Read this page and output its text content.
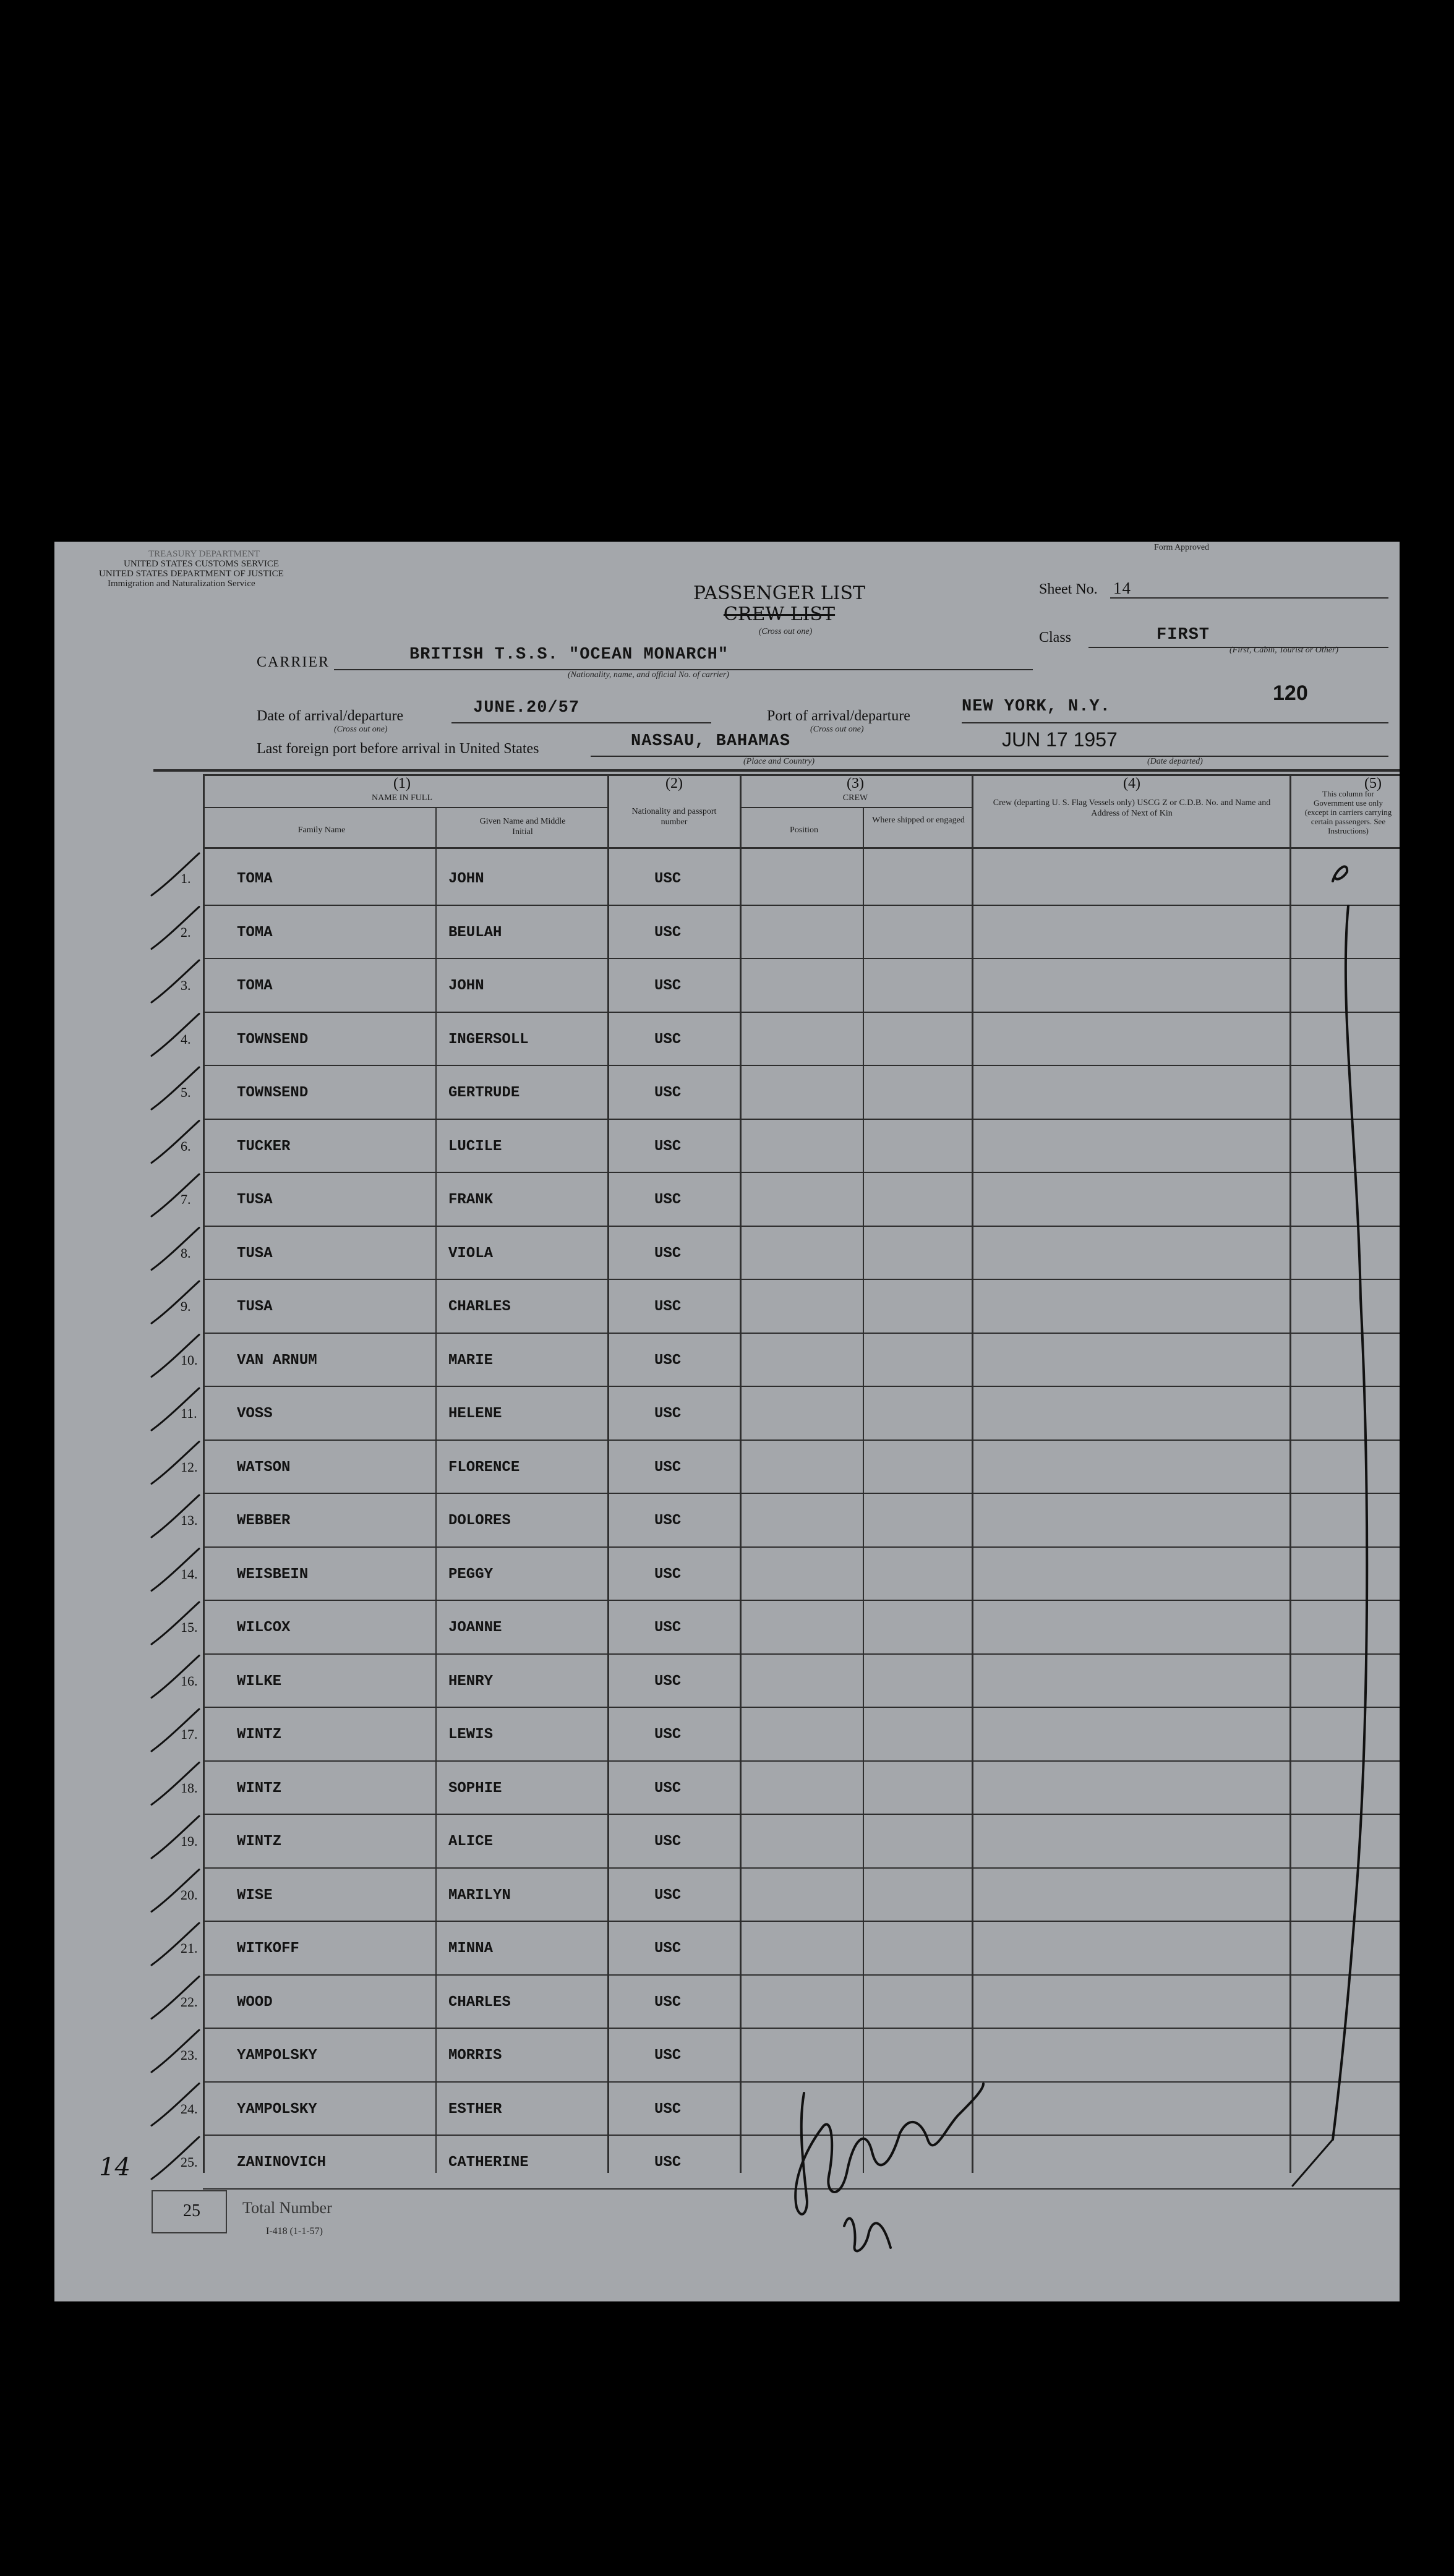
TREASURY DEPARTMENT
UNITED STATES CUSTOMS SERVICE
UNITED STATES DEPARTMENT OF JUSTICE
Immigration and Naturalization Service
Form Approved
PASSENGER LIST
CREW LIST
(Cross out one)
Sheet No. 14
Class	FIRST
(First, Cabin, Tourist or Other)
CARRIER	BRITISH T.S.S. "OCEAN MONARCH"
(Nationality, name, and official No. of carrier)
120
Date of arrival/departure	JUNE.20/57
(Cross out one)
Port of arrival/departure	NEW YORK, N.Y.
(Cross out one)
Last foreign port before arrival in United States	NASSAU, BAHAMAS
(Place and Country)
JUN 17 1957
(Date departed)
(1)
NAME IN FULL
Family Name
Given Name and Middle Initial
(2)
Nationality and passport number
(3)
CREW
Position
Where shipped or engaged
(4)
Crew (departing U. S. Flag Vessels only) USCG Z or C.D.B. No. and Name and Address of Next of Kin
(5)
This column for Government use only (except in carriers carrying certain passengers. See Instructions)
1.	TOMA	JOHN	USC
2.	TOMA	BEULAH	USC
3.	TOMA	JOHN	USC
4.	TOWNSEND	INGERSOLL	USC
5.	TOWNSEND	GERTRUDE	USC
6.	TUCKER	LUCILE	USC
7.	TUSA	FRANK	USC
8.	TUSA	VIOLA	USC
9.	TUSA	CHARLES	USC
10.	VAN ARNUM	MARIE	USC
11.	VOSS	HELENE	USC
12.	WATSON	FLORENCE	USC
13.	WEBBER	DOLORES	USC
14.	WEISBEIN	PEGGY	USC
15.	WILCOX	JOANNE	USC
16.	WILKE	HENRY	USC
17.	WINTZ	LEWIS	USC
18.	WINTZ	SOPHIE	USC
19.	WINTZ	ALICE	USC
20.	WISE	MARILYN	USC
21.	WITKOFF	MINNA	USC
22.	WOOD	CHARLES	USC
23.	YAMPOLSKY	MORRIS	USC
24.	YAMPOLSKY	ESTHER	USC
25.	ZANINOVICH	CATHERINE	USC
25	Total Number
I-418 (1-1-57)
14
